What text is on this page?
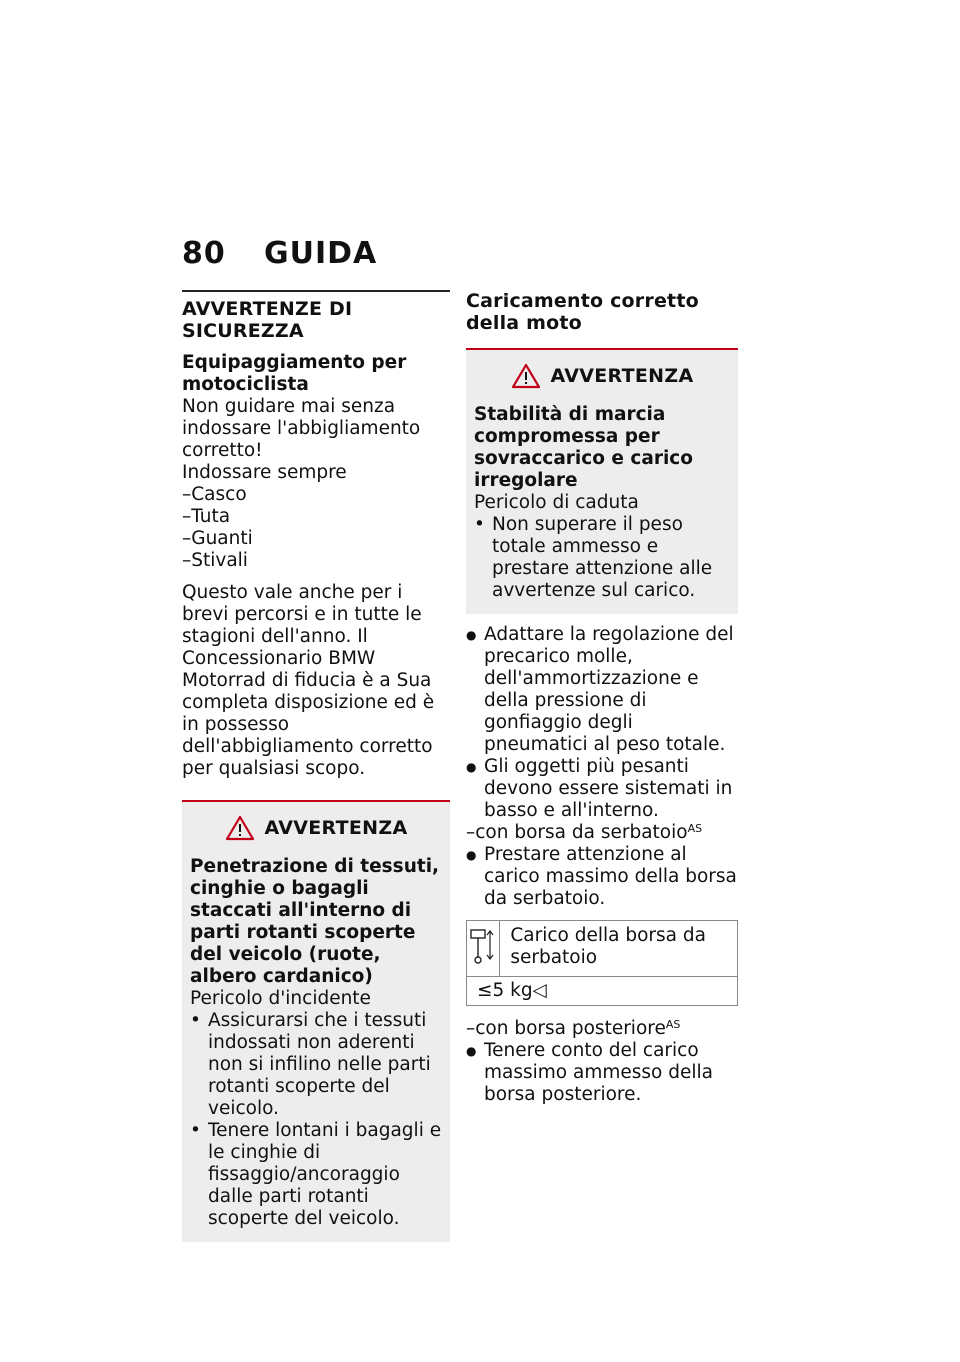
80 GUIDA
AVVERTENZE DI SICUREZZA
Equipaggiamento per motociclista

Non guidare mai senza indossare l'abbigliamento corretto!

Indossare sempre

–Casco
–Tuta
–Guanti
–Stivali

Questo vale anche per i brevi percorsi e in tutte le stagioni dell'anno. Il Concessionario BMW Motorrad di fiducia è a Sua completa disposizione ed è in possesso dell'abbigliamento corretto per qualsiasi scopo.

AVVERTENZA
Penetrazione di tessuti, cinghie o bagagli staccati all'interno di parti rotanti scoperte del veicolo (ruote, albero cardanico)

Pericolo d'incidente

• Assicurarsi che i tessuti indossati non aderenti non si infilino nelle parti rotanti scoperte del veicolo.
• Tenere lontani i bagagli e le cinghie di fissaggio/ancoraggio dalle parti rotanti scoperte del veicolo.
Caricamento corretto della moto
AVVERTENZA
Stabilità di marcia compromessa per sovraccarico e carico irregolare

Pericolo di caduta

• Non superare il peso totale ammesso e prestare attenzione alle avvertenze sul carico.
● Adattare la regolazione del precarico molle, dell'ammortizzazione e della pressione di gonfiaggio degli pneumatici al peso totale.
● Gli oggetti più pesanti devono essere sistemati in basso e all'interno.
–con borsa da serbatoio$^{AS}$
● Prestare attenzione al carico massimo della borsa da serbatoio.
Carico della borsa da serbatoio
≤5 kg◁
–con borsa posteriore$^{AS}$
● Tenere conto del carico massimo ammesso della borsa posteriore.
